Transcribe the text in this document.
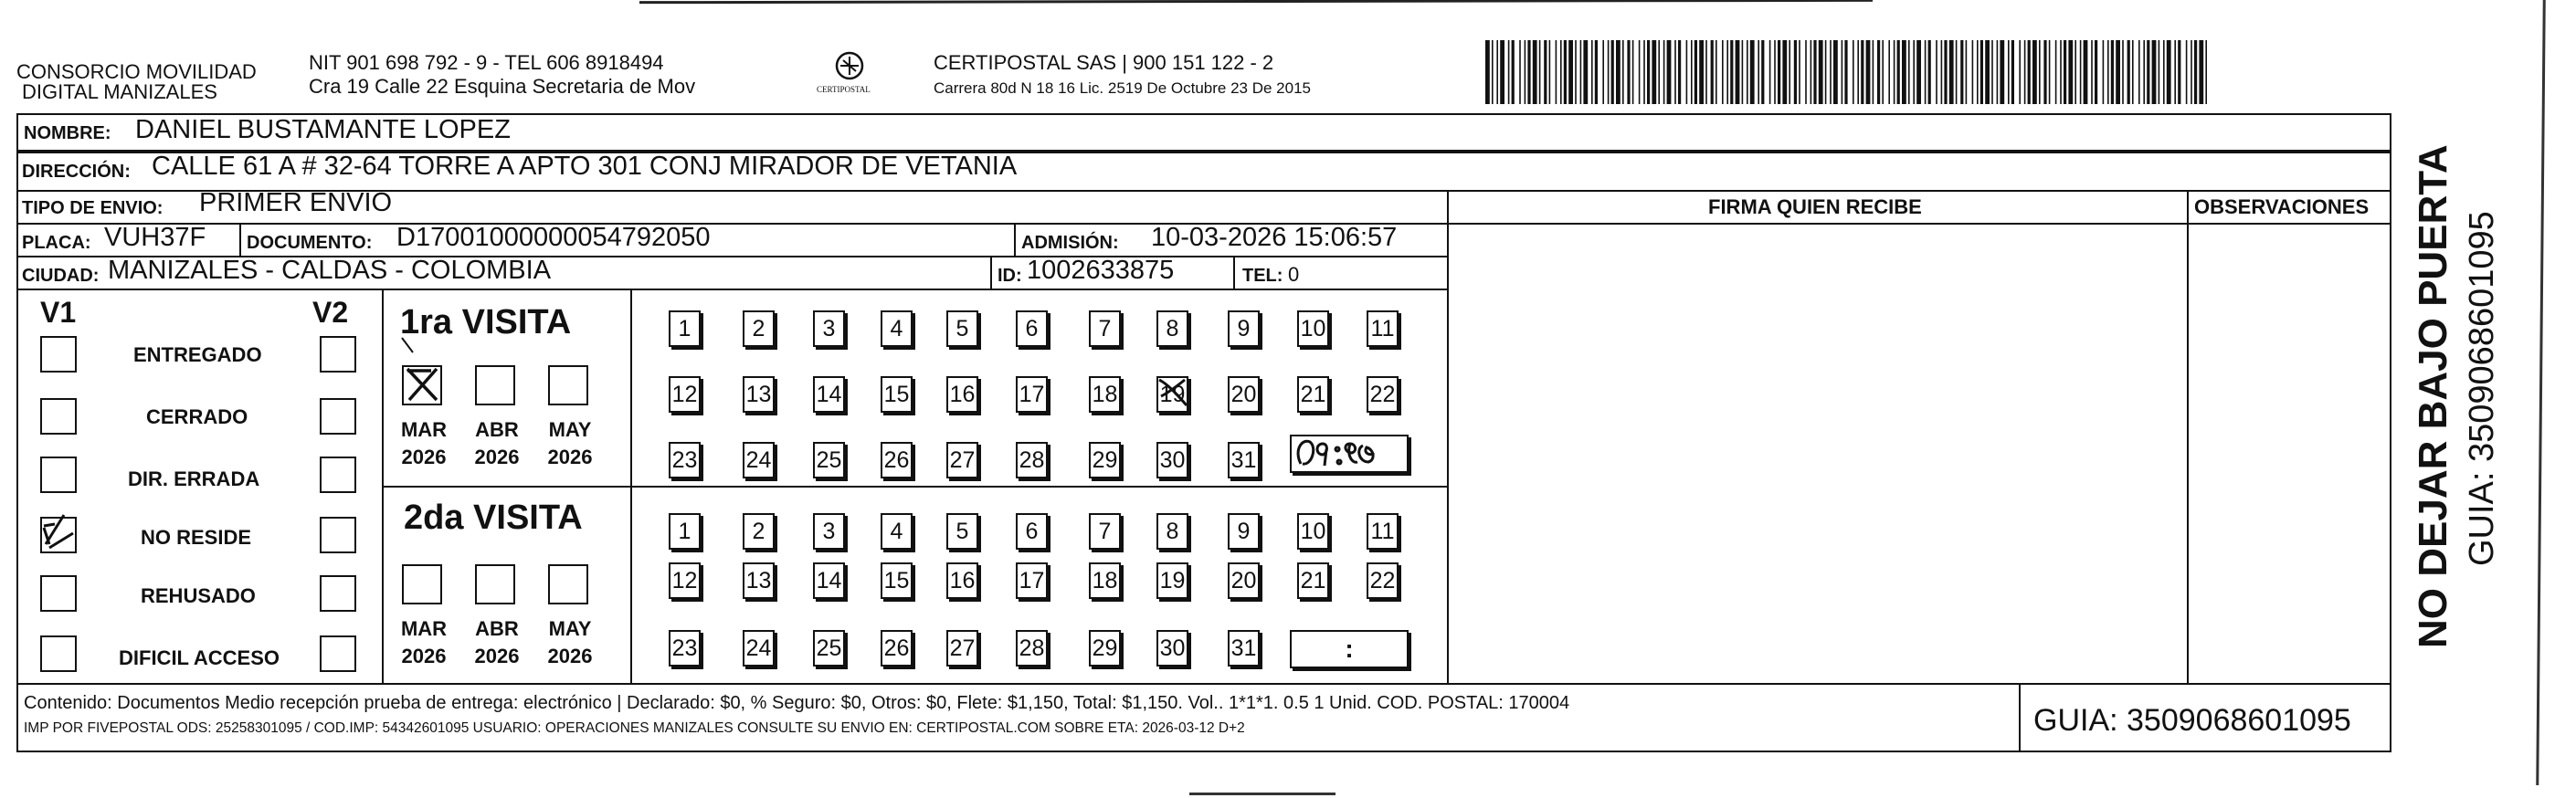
CONSORCIO MOVILIDAD
DIGITAL MANIZALES
NIT 901 698 792 - 9 - TEL 606 8918494
Cra 19 Calle 22 Esquina Secretaria de Mov	CERTIPOSTAL
CERTIPOSTAL SAS | 900 151 122 - 2
Carrera 80d N 18 16 Lic. 2519 De Octubre 23 De 2015
NOMBRE: DANIEL BUSTAMANTE LOPEZ
DIRECCIÓN: CALLE 61 A # 32-64 TORRE A APTO 301 CONJ MIRADOR DE VETANIA
TIPO DE ENVIO: PRIMER ENVIO	FIRMA QUIEN RECIBE	OBSERVACIONES
PLACA: VUH37F DOCUMENTO: D17001000000054792050	ADMISIÓN: 10-03-2026 15:06:57
CIUDAD: MANIZALES - CALDAS - COLOMBIA	ID: 1002633875	TEL: 0
V1	V2
ENTREGADO
CERRADO
DIR. ERRADA
NO RESIDE
REHUSADO
DIFICIL ACCESO
1ra VISITA
MAR	ABR	MAY
2026	2026	2026
2da VISITA
MAR	ABR	MAY
2026	2026	2026
1	2	3	4	5	6	7	8	9	10 11
12 13 14 15 16 17 18 19 20 21 22
23 24 25 26 27 28 29 30 31
1	2	3	4	5	6	7	8	9	10 11
12 13 14 15 16 17 18 19 20 21 22
23 24 25 26 27 28 29 30 31	:
Contenido: Documentos Medio recepción prueba de entrega: electrónico | Declarado: $0, % Seguro: $0, Otros: $0, Flete: $1,150, Total: $1,150. Vol.. 1*1*1. 0.5 1 Unid. COD. POSTAL: 170004
IMP POR FIVEPOSTAL ODS: 25258301095 / COD.IMP: 54342601095 USUARIO: OPERACIONES MANIZALES CONSULTE SU ENVIO EN: CERTIPOSTAL.COM SOBRE ETA: 2026-03-12 D+2	GUIA: 3509068601095
NO DEJAR BAJO PUERTA GUIA: 3509068601095
